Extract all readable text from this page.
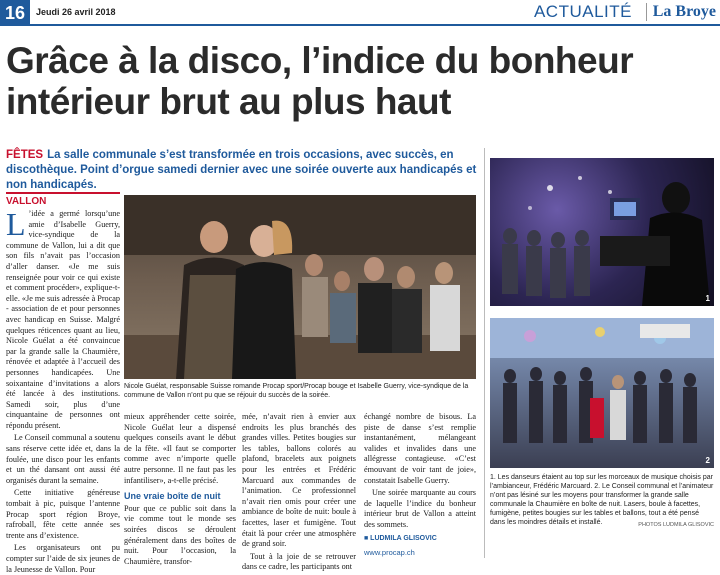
16	Jeudi 26 avril 2018	ACTUALITÉ	La Broye
Grâce à la disco, l’indice du bonheur intérieur brut au plus haut
FÊTES La salle communale s’est transformée en trois occasions, avec succès, en discothèque. Point d’orgue samedi dernier avec une soirée ouverte aux handicapés et non handicapés.
VALLON

L ’idée a germé lorsqu’une amie d’Isabelle Guerry, vice-syndique de la commune de Vallon, lui a dit que son fils n’avait pas l’occasion d’aller danser. «Je me suis renseignée pour voir ce qui existe et comment procéder», explique-t-elle. «Je me suis adressée à Procap - association de et pour personnes avec handicap en Suisse. Malgré quelques réticences quant au lieu, Nicole Guélat a été convaincue par la grande salle la Chaumière, rénovée et adaptée à l’accueil des personnes handicapées. Une soixantaine d’invitations a alors été lancée à des institutions. Samedi soir, plus d’une cinquantaine de personnes ont répondu présent.

Le Conseil communal a soutenu sans réserve cette idée et, dans la foulée, une disco pour les enfants et un thé dansant ont aussi été organisés durant la semaine.

Cette initiative généreuse tombait à pic, puisque l’antenne Procap sport région Broye, rafroball, fête cette année ses trente ans d’existence.

Les organisateurs ont pu compter sur l’aide de six jeunes de la Jeunesse de Vallon. Pour

Nicole Guélat, responsable Suisse romande Procap sport/Procap bouge et Isabelle Guerry, vice-syndique de la commune de Vallon n’ont pu que se réjouir du succès de la soirée.

mieux appréhender cette soirée, Nicole Guélat leur a dispensé quelques conseils avant le début de la fête. «Il faut se comporter comme avec n’importe quelle autre personne. Il ne faut pas les infantiliser», a-t-elle précisé.

Une vraie boîte de nuit

Pour que ce public soit dans la vie comme tout le monde ses soirées discos se déroulent généralement dans des boîtes de nuit. Pour l’occasion, la Chaumière, transfor-

mée, n’avait rien à envier aux endroits les plus branchés des grandes villes. Petites bougies sur les tables, ballons colorés au plafond, bracelets aux poignets pour les entrées et Frédéric Marcuard aux commandes de l’animation. Ce professionnel n’avait rien omis pour créer une ambiance de boîte de nuit: boule à facettes, laser et fumigène. Tout était là pour créer une atmosphère de grand soir.

Tout à la joie de se retrouver dans ce cadre, les participants ont

échangé nombre de bisous. La piste de danse s’est remplie instantanément, mélangeant valides et invalides dans une allégresse contagieuse. «C’est émouvant de voir tant de joie», constatait Isabelle Guerry.

Une soirée marquante au cours de laquelle l’indice du bonheur intérieur brut de Vallon a atteint des sommets.

■ LUDMILA GLISOVIC

www.procap.ch

1
2
1. Les danseurs étaient au top sur les morceaux de musique choisis par l’ambianceur, Frédéric Marcuard. 2. Le Conseil communal et l’animateur n’ont pas lésiné sur les moyens pour transformer la grande salle communale la Chaumière en boîte de nuit. Lasers, boule à facettes, fumigène, petites bougies sur les tables et ballons, tout a été pensé dans les moindres détails et installé.	PHOTOS LUDMILA GLISOVIC
